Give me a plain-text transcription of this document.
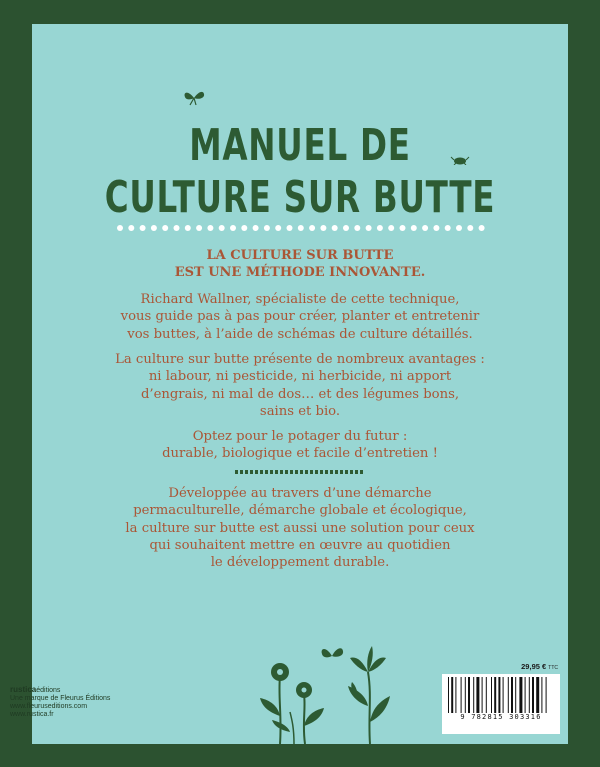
MANUEL DE
CULTURE SUR BUTTE
LA CULTURE SUR BUTTE
EST UNE MÉTHODE INNOVANTE.
Richard Wallner, spécialiste de cette technique,
vous guide pas à pas pour créer, planter et entretenir
vos buttes, à l’aide de schémas de culture détaillés.
La culture sur butte présente de nombreux avantages :
ni labour, ni pesticide, ni herbicide, ni apport
d’engrais, ni mal de dos… et des légumes bons,
sains et bio.
Optez pour le potager du futur :
durable, biologique et facile d’entretien !
Développée au travers d’une démarche
permaculturelle, démarche globale et écologique,
la culture sur butte est aussi une solution pour ceux
qui souhaitent mettre en œuvre au quotidien
le développement durable.
29,95 € TTC
9 782815 303316
rusticaéditions
Une marque de Fleurus Éditions
www.fleuruseditions.com
www.rustica.fr
